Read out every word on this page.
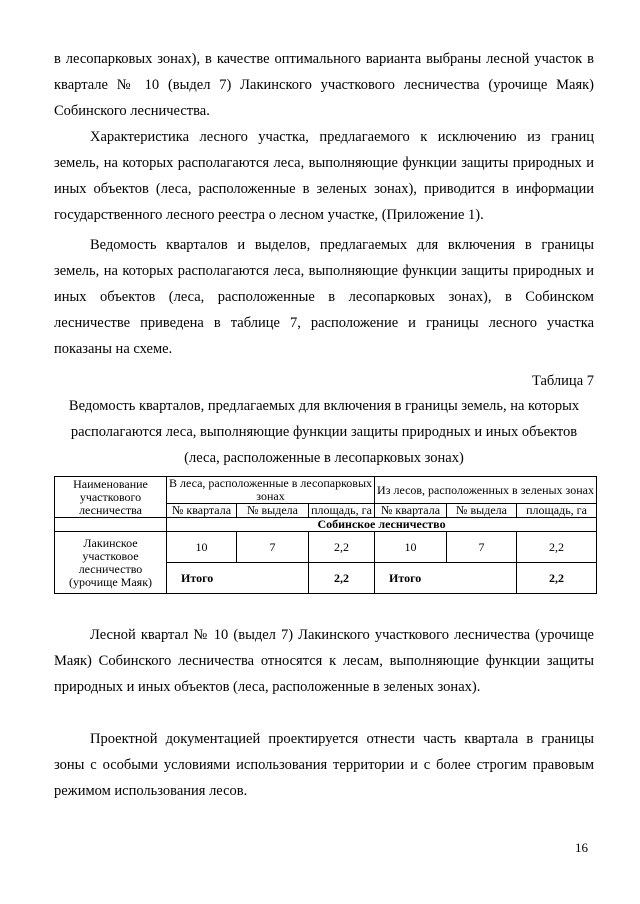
в лесопарковых зонах), в качестве оптимального варианта выбраны лесной участок в квартале № 10 (выдел 7) Лакинского участкового лесничества (урочище Маяк) Собинского лесничества.

Характеристика лесного участка, предлагаемого к исключению из границ земель, на которых располагаются леса, выполняющие функции защиты природных и иных объектов (леса, расположенные в зеленых зонах), приводится в информации государственного лесного реестра о лесном участке, (Приложение 1).

Ведомость кварталов и выделов, предлагаемых для включения в границы земель, на которых располагаются леса, выполняющие функции защиты природных и иных объектов (леса, расположенные в лесопарковых зонах), в Собинском лесничестве приведена в таблице 7, расположение и границы лесного участка показаны на схеме.

Таблица 7

Ведомость кварталов, предлагаемых для включения в границы земель, на которых располагаются леса, выполняющие функции защиты природных и иных объектов (леса, расположенные в лесопарковых зонах)

Наименование участкового лесничества	В леса, расположенные в лесопарковых зонах			Из лесов, расположенных в зеленых зонах		
	№ квартала	№ выдела	площадь, га	№ квартала	№ выдела	площадь, га
	Собинское лесничество					
Лакинское участковое лесничество (урочище Маяк)	10	7	2,2	10	7	2,2
	Итого		2,2	Итого		2,2

Лесной квартал № 10 (выдел 7) Лакинского участкового лесничества (урочище Маяк) Собинского лесничества относятся к лесам, выполняющие функции защиты природных и иных объектов (леса, расположенные в зеленых зонах).

Проектной документацией проектируется отнести часть квартала в границы зоны с особыми условиями использования территории и с более строгим правовым режимом использования лесов.

16
